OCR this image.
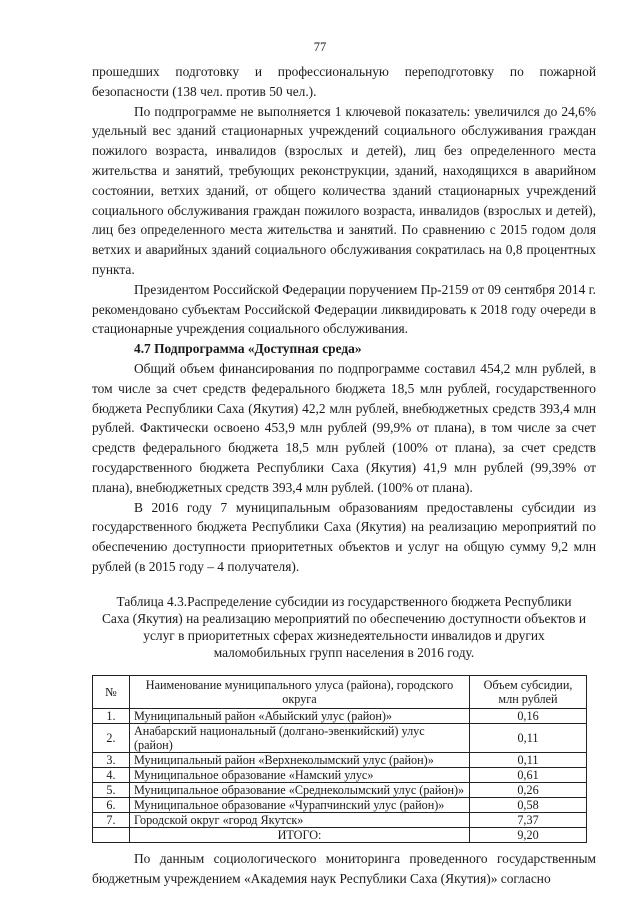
77

прошедших подготовку и профессиональную переподготовку по пожарной безопасности (138 чел. против 50 чел.).

По подпрограмме не выполняется 1 ключевой показатель: увеличился до 24,6% удельный вес зданий стационарных учреждений социального обслуживания граждан пожилого возраста, инвалидов (взрослых и детей), лиц без определенного места жительства и занятий, требующих реконструкции, зданий, находящихся в аварийном состоянии, ветхих зданий, от общего количества зданий стационарных учреждений социального обслуживания граждан пожилого возраста, инвалидов (взрослых и детей), лиц без определенного места жительства и занятий. По сравнению с 2015 годом доля ветхих и аварийных зданий социального обслуживания сократилась на 0,8 процентных пункта.

Президентом Российской Федерации поручением Пр-2159 от 09 сентября 2014 г. рекомендовано субъектам Российской Федерации ликвидировать к 2018 году очереди в стационарные учреждения социального обслуживания.

4.7 Подпрограмма «Доступная среда»

Общий объем финансирования по подпрограмме составил 454,2 млн рублей, в том числе за счет средств федерального бюджета 18,5 млн рублей, государственного бюджета Республики Саха (Якутия) 42,2 млн рублей, внебюджетных средств 393,4 млн рублей. Фактически освоено 453,9 млн рублей (99,9% от плана), в том числе за счет средств федерального бюджета 18,5 млн рублей (100% от плана), за счет средств государственного бюджета Республики Саха (Якутия) 41,9 млн рублей (99,39% от плана), внебюджетных средств 393,4 млн рублей. (100% от плана).

В 2016 году 7 муниципальным образованиям предоставлены субсидии из государственного бюджета Республики Саха (Якутия) на реализацию мероприятий по обеспечению доступности приоритетных объектов и услуг на общую сумму 9,2 млн рублей (в 2015 году – 4 получателя).

Таблица 4.3.Распределение субсидии из государственного бюджета Республики Саха (Якутия) на реализацию мероприятий по обеспечению доступности объектов и услуг в приоритетных сферах жизнедеятельности инвалидов и других маломобильных групп населения в 2016 году.
№	Наименование муниципального улуса (района), городского округа	Объем субсидии, млн рублей
1.	Муниципальный район «Абыйский улус (район)»	0,16
2.	Анабарский национальный (долгано-эвенкийский) улус (район)	0,11
3.	Муниципальный район «Верхнеколымский улус (район)»	0,11
4.	Муниципальное образование «Намский улус»	0,61
5.	Муниципальное образование «Среднеколымский улус (район)»	0,26
6.	Муниципальное образование «Чурапчинский улус (район)»	0,58
7.	Городской округ «город Якутск»	7,37
	ИТОГО:	9,20

По данным социологического мониторинга проведенного государственным бюджетным учреждением «Академия наук Республики Саха (Якутия)» согласно
